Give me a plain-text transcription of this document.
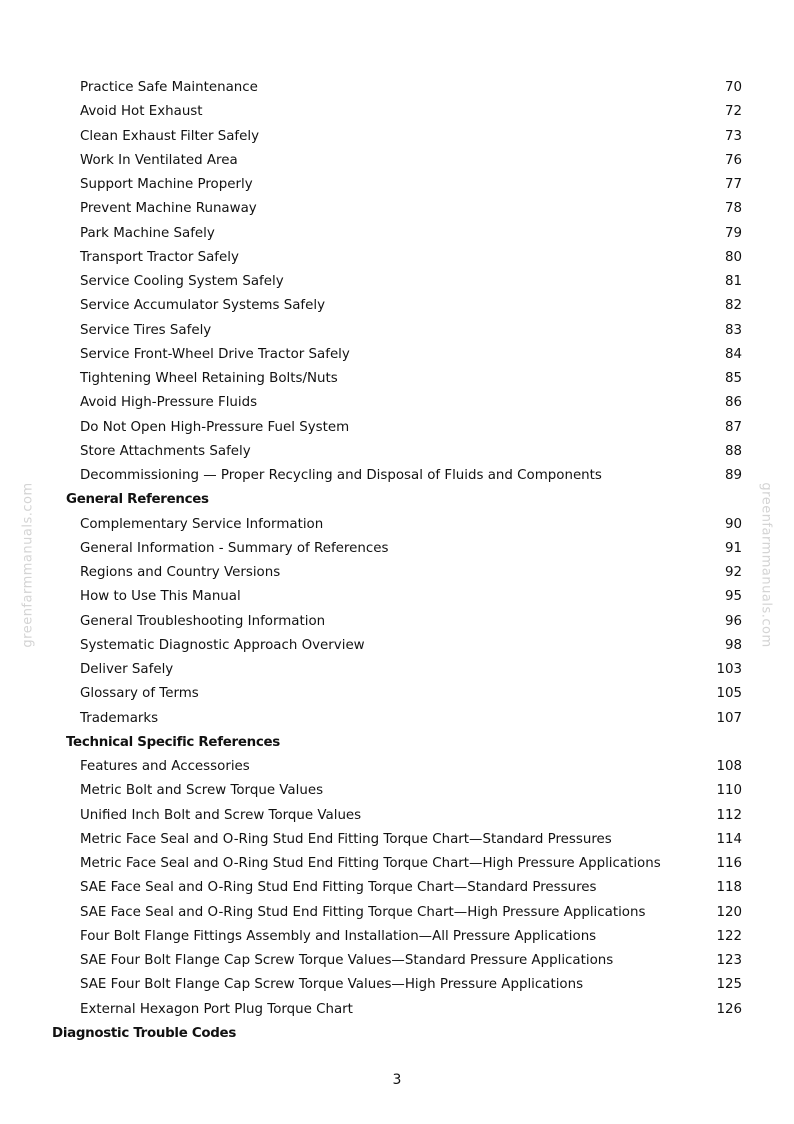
greenfarmmanuals.com	greenfarmmanuals.com
Practice Safe Maintenance	70
Avoid Hot Exhaust	72
Clean Exhaust Filter Safely	73
Work In Ventilated Area	76
Support Machine Properly	77
Prevent Machine Runaway	78
Park Machine Safely	79
Transport Tractor Safely	80
Service Cooling System Safely	81
Service Accumulator Systems Safely	82
Service Tires Safely	83
Service Front-Wheel Drive Tractor Safely	84
Tightening Wheel Retaining Bolts/Nuts	85
Avoid High-Pressure Fluids	86
Do Not Open High-Pressure Fuel System	87
Store Attachments Safely	88
Decommissioning — Proper Recycling and Disposal of Fluids and Components	89
General References
Complementary Service Information	90
General Information - Summary of References	91
Regions and Country Versions	92
How to Use This Manual	95
General Troubleshooting Information	96
Systematic Diagnostic Approach Overview	98
Deliver Safely	103
Glossary of Terms	105
Trademarks	107
Technical Specific References
Features and Accessories	108
Metric Bolt and Screw Torque Values	110
Unified Inch Bolt and Screw Torque Values	112
Metric Face Seal and O-Ring Stud End Fitting Torque Chart—Standard Pressures	114
Metric Face Seal and O-Ring Stud End Fitting Torque Chart—High Pressure Applications	116
SAE Face Seal and O-Ring Stud End Fitting Torque Chart—Standard Pressures	118
SAE Face Seal and O-Ring Stud End Fitting Torque Chart—High Pressure Applications	120
Four Bolt Flange Fittings Assembly and Installation—All Pressure Applications	122
SAE Four Bolt Flange Cap Screw Torque Values—Standard Pressure Applications	123
SAE Four Bolt Flange Cap Screw Torque Values—High Pressure Applications	125
External Hexagon Port Plug Torque Chart	126
Diagnostic Trouble Codes
3
